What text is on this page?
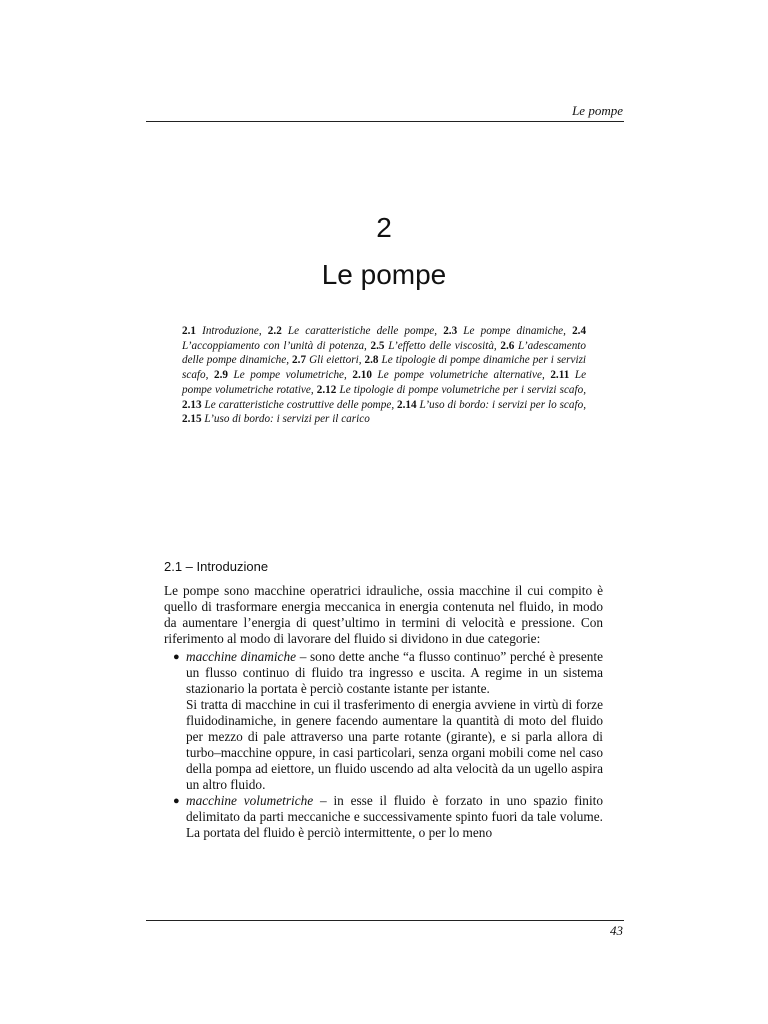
Le pompe
2
Le pompe
2.1 Introduzione, 2.2 Le caratteristiche delle pompe, 2.3 Le pompe dinamiche, 2.4 L’accoppiamento con l’unità di potenza, 2.5 L’effetto delle viscosità, 2.6 L’adescamento delle pompe dinamiche, 2.7 Gli eiettori, 2.8 Le tipologie di pompe dinamiche per i servizi scafo, 2.9 Le pompe volumetriche, 2.10 Le pompe volumetriche alternative, 2.11 Le pompe volumetriche rotative, 2.12 Le tipologie di pompe volumetriche per i servizi scafo, 2.13 Le caratteristiche costruttive delle pompe, 2.14 L’uso di bordo: i servizi per lo scafo, 2.15 L’uso di bordo: i servizi per il carico
2.1 – Introduzione

Le pompe sono macchine operatrici idrauliche, ossia macchine il cui compito è quello di trasformare energia meccanica in energia contenuta nel fluido, in modo da aumentare l’energia di quest’ultimo in termini di velocità e pressione. Con riferimento al modo di lavorare del fluido si dividono in due categorie:

● macchine dinamiche – sono dette anche “a flusso continuo” perché è presente un flusso continuo di fluido tra ingresso e uscita. A regime in un sistema stazionario la portata è perciò costante istante per istante.
Si tratta di macchine in cui il trasferimento di energia avviene in virtù di forze fluidodinamiche, in genere facendo aumentare la quantità di moto del fluido per mezzo di pale attraverso una parte rotante (girante), e si parla allora di turbo–macchine oppure, in casi particolari, senza organi mobili come nel caso della pompa ad eiettore, un fluido uscendo ad alta velocità da un ugello aspira un altro fluido.
● macchine volumetriche – in esse il fluido è forzato in uno spazio finito delimitato da parti meccaniche e successivamente spinto fuori da tale volume. La portata del fluido è perciò intermittente, o per lo meno
43
